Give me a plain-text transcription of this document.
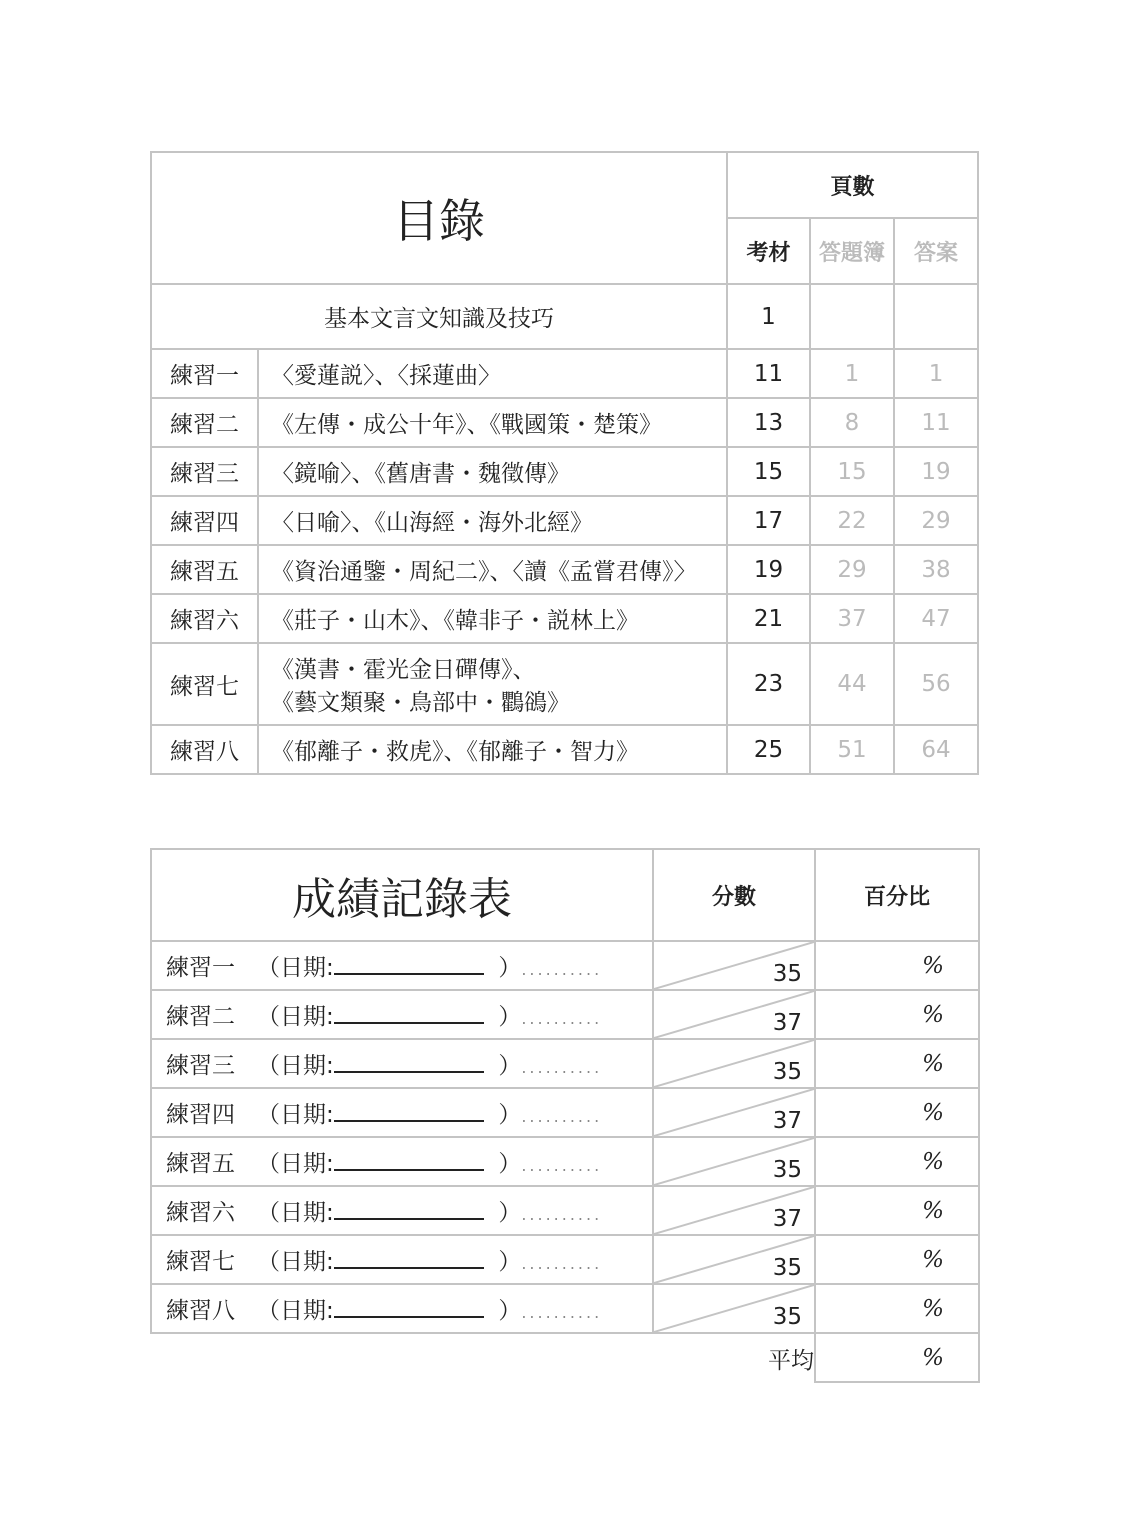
目錄		頁數		
		考材	答題簿	答案
基本文言文知識及技巧		1		
練習一	〈愛蓮説〉、〈採蓮曲〉	11	1	1
練習二	《左傳・成公十年》、《戰國策・楚策》	13	8	11
練習三	〈鏡喻〉、《舊唐書・魏徵傳》	15	15	19
練習四	〈日喻〉、《山海經・海外北經》	17	22	29
練習五	《資治通鑒・周紀二》、〈讀《孟嘗君傳》〉	19	29	38
練習六	《莊子・山木》、《韓非子・説林上》	21	37	47
練習七	《漢書・霍光金日磾傳》、
《藝文類聚・鳥部中・鸜鵒》	23	44	56
練習八	《郁離子・救虎》、《郁離子・智力》	25	51	64
成績記錄表	分數	百分比
練習一 （日期: ）..........	35	%
練習二 （日期: ）..........	37	%
練習三 （日期: ）..........	35	%
練習四 （日期: ）..........	37	%
練習五 （日期: ）..........	35	%
練習六 （日期: ）..........	37	%
練習七 （日期: ）..........	35	%
練習八 （日期: ）..........	35	%
	平均	%
